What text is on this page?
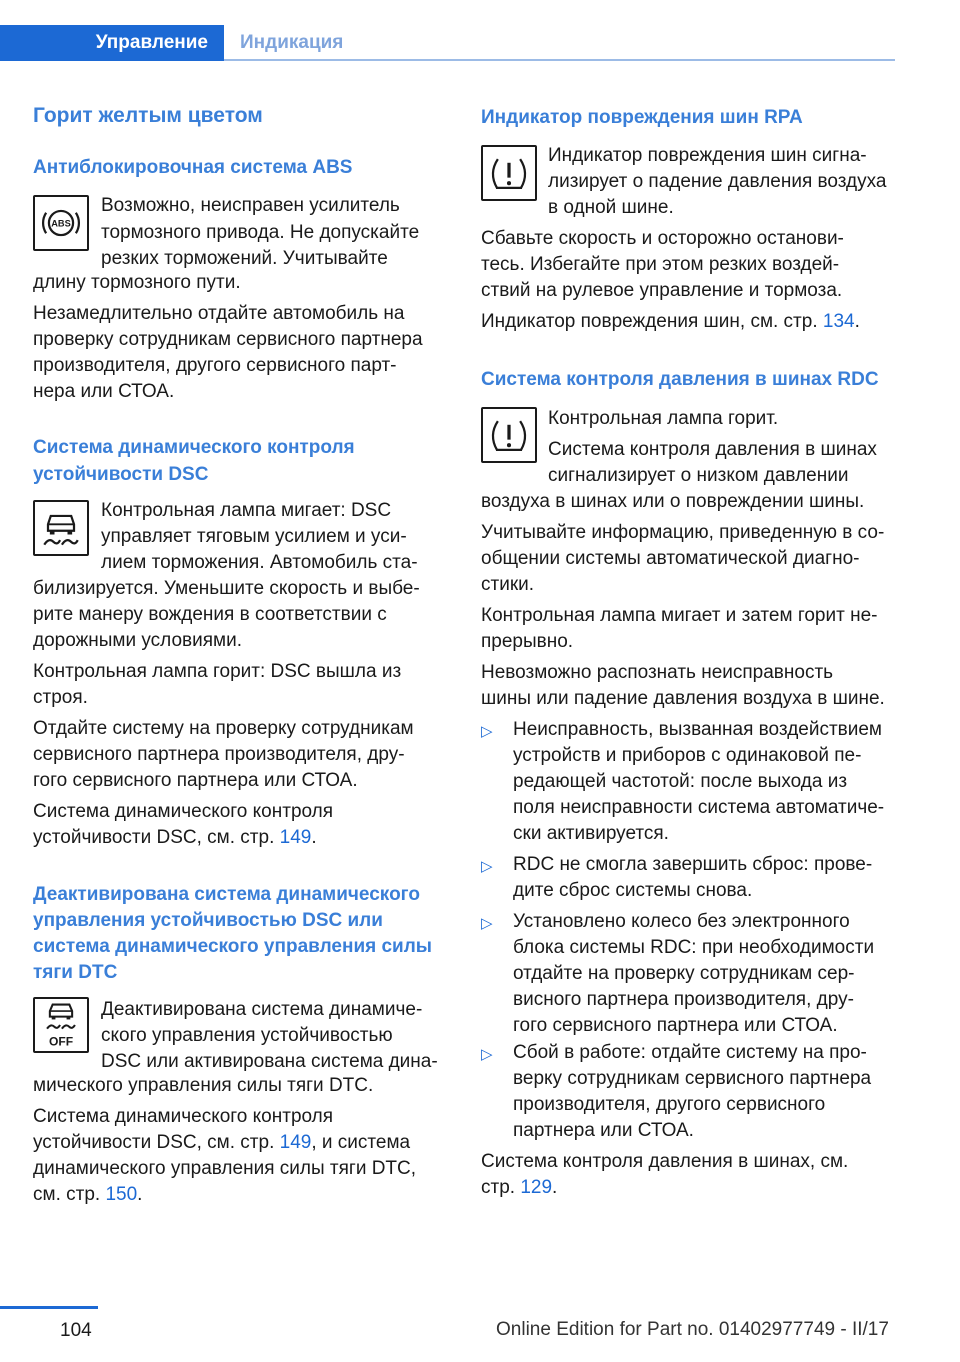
Управление Индикация
Горит желтым цветом
Антиблокировочная система ABS
ABS
Возможно, неисправен усилитель
тормозного привода. Не допускайте
резких торможений. Учитывайте
длину тормозного пути.
Незамедлительно отдайте автомобиль на
проверку сотрудникам сервисного партнера
производителя, другого сервисного парт-
нера или СТОА.
Система динамического контроля
устойчивости DSC
Контрольная лампа мигает: DSC
управляет тяговым усилием и уси-
лием торможения. Автомобиль ста-
билизируется. Уменьшите скорость и выбе-
рите манеру вождения в соответствии с
дорожными условиями.
Контрольная лампа горит: DSC вышла из
строя.
Отдайте систему на проверку сотрудникам
сервисного партнера производителя, дру-
гого сервисного партнера или СТОА.
Система динамического контроля
устойчивости DSC, см. стр. 149.
Деактивирована система динамического
управления устойчивостью DSC или
система динамического управления силы
тяги DTC
OFF
Деактивирована система динамиче-
ского управления устойчивостью
DSC или активирована система дина-
мического управления силы тяги DTC.
Система динамического контроля
устойчивости DSC, см. стр. 149, и система
динамического управления силы тяги DTC,
см. стр. 150.
Индикатор повреждения шин RPA
Индикатор повреждения шин сигна-
лизирует о падение давления воздуха
в одной шине.
Сбавьте скорость и осторожно останови-
тесь. Избегайте при этом резких воздей-
ствий на рулевое управление и тормоза.
Индикатор повреждения шин, см. стр. 134.
Система контроля давления в шинах RDC
Контрольная лампа горит.
Система контроля давления в шинах
сигнализирует о низком давлении
воздуха в шинах или о повреждении шины.
Учитывайте информацию, приведенную в со-
общении системы автоматической диагно-
стики.
Контрольная лампа мигает и затем горит не-
прерывно.
Невозможно распознать неисправность
шины или падение давления воздуха в шине.
▷ Неисправность, вызванная воздействием
устройств и приборов с одинаковой пе-
редающей частотой: после выхода из
поля неисправности система автоматиче-
ски активируется.
▷ RDC не смогла завершить сброс: прове-
дите сброс системы снова.
▷ Установлено колесо без электронного
блока системы RDC: при необходимости
отдайте на проверку сотрудникам сер-
висного партнера производителя, дру-
гого сервисного партнера или СТОА.
▷ Сбой в работе: отдайте систему на про-
верку сотрудникам сервисного партнера
производителя, другого сервисного
партнера или СТОА.
Система контроля давления в шинах, см.
стр. 129.
104	Online Edition for Part no. 01402977749 - II/17
